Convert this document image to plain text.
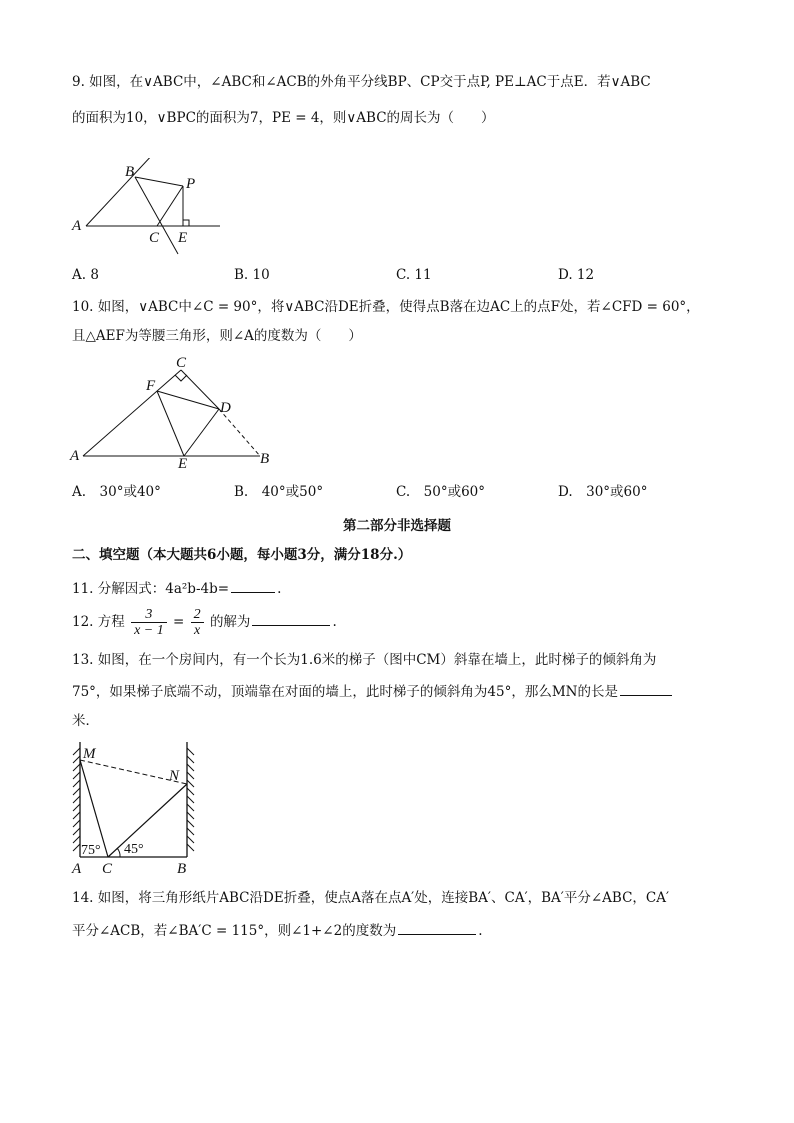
9. 如图，在∨ABC中，∠ABC和∠ACB的外角平分线BP、CP交于点P, PE⊥AC于点E．若∨ABC
的面积为10，∨BPC的面积为7，PE = 4，则∨ABC的周长为（　　）
A
B
C
P
E
A. 8	B. 10	C. 11	D. 12
10. 如图，∨ABC中∠C = 90°，将∨ABC沿DE折叠，使得点B落在边AC上的点F处，若∠CFD = 60°，
且△AEF为等腰三角形，则∠A的度数为（　　）
A	B
C
D
E
F
A.　30°或40°	B.　40°或50°	C.　50°或60°	D.　30°或60°
第二部分非选择题
二、填空题（本大题共6小题，每小题3分，满分18分.）
11. 分解因式：4a²b-4b=	.
12. 方程 $\frac{3}{x - 1} = \frac{2}{x}$ 的解为	.
13. 如图，在一个房间内，有一个长为1.6米的梯子（图中CM）斜靠在墙上，此时梯子的倾斜角为
75°，如果梯子底端不动，顶端靠在对面的墙上，此时梯子的倾斜角为45°，那么MN的长是
米．
M
N
A C	B
75° 45°
14. 如图，将三角形纸片ABC沿DE折叠，使点A落在点A′处，连接BA′、CA′，BA′平分∠ABC，CA′
平分∠ACB，若∠BA′C = 115°，则∠1+∠2的度数为	.
